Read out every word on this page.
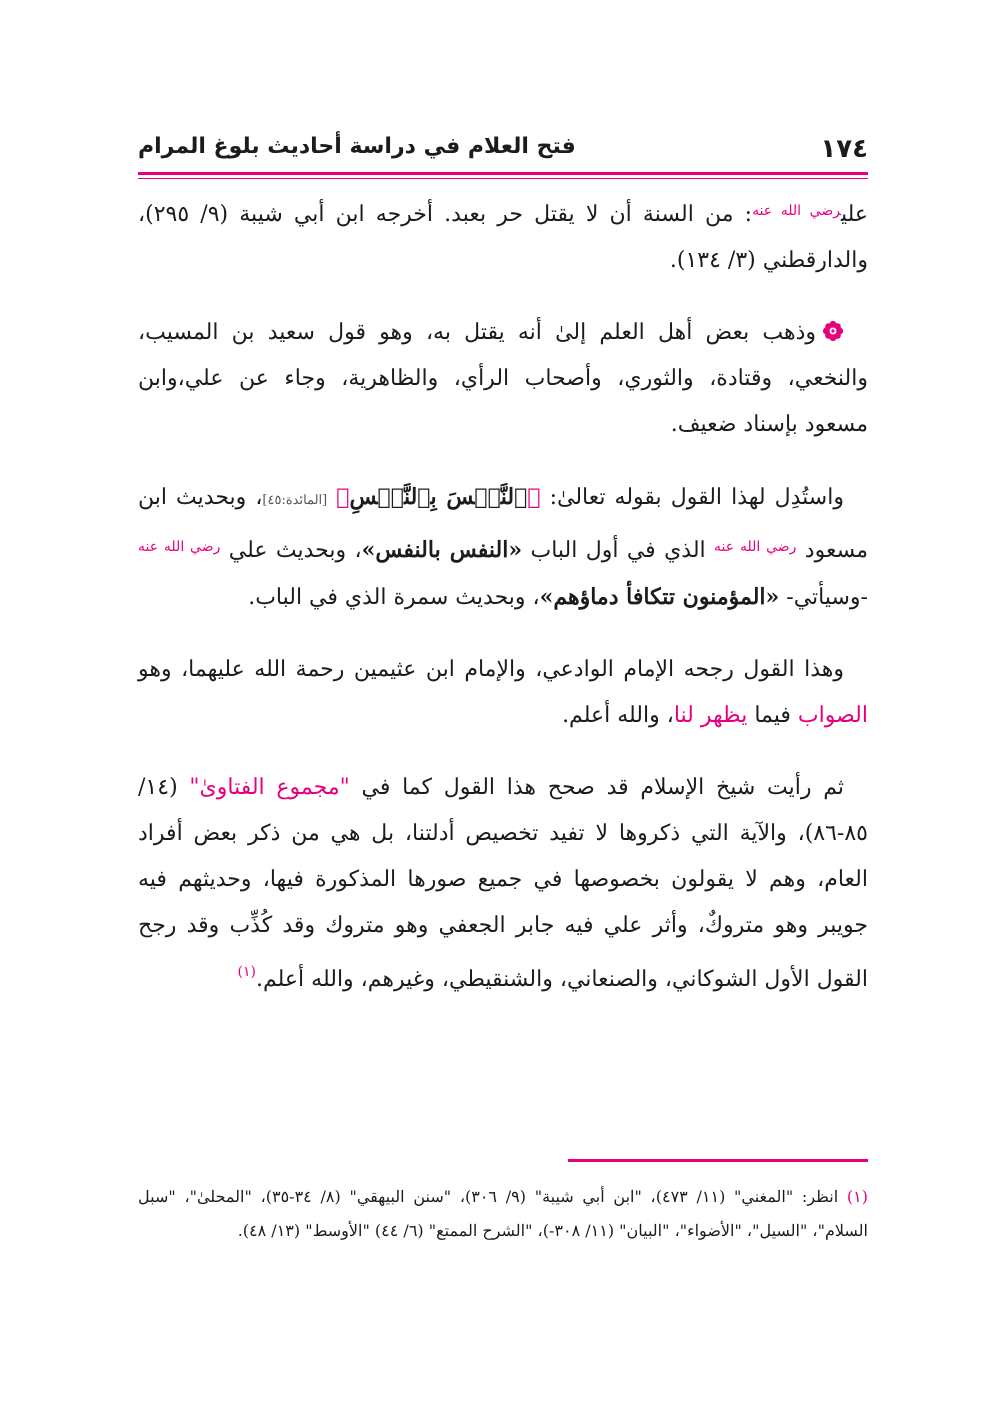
١٧٤
فتح العلام في دراسة أحاديث بلوغ المرام

علي$^{رضي الله عنه}$: من السنة أن لا يقتل حر بعبد. أخرجه ابن أبي شيبة (٩/ ٢٩٥)، والدارقطني (٣/ ١٣٤).

وذهب بعض أهل العلم إلىٰ أنه يقتل به، وهو قول سعيد بن المسيب، والنخعي، وقتادة، والثوري، وأصحاب الرأي، والظاهرية، وجاء عن علي،وابن مسعود بإسناد ضعيف.

واستُدِل لهذا القول بقوله تعالىٰ: ﴿ٱلنَّفۡسَ بِٱلنَّفۡسِ﴾ [المائدة:٤٥]، وبحديث ابن مسعود $^{رضي الله عنه}$ الذي في أول الباب «النفس بالنفس»، وبحديث علي $^{رضي الله عنه}$ -وسيأتي- «المؤمنون تتكافأ دماؤهم»، وبحديث سمرة الذي في الباب.

وهذا القول رجحه الإمام الوادعي، والإمام ابن عثيمين رحمة الله عليهما، وهو الصواب فيما يظهر لنا، والله أعلم.

ثم رأيت شيخ الإسلام قد صحح هذا القول كما في "مجموع الفتاوىٰ" (١٤/ ٨٥-٨٦)، والآية التي ذكروها لا تفيد تخصيص أدلتنا، بل هي من ذكر بعض أفراد العام، وهم لا يقولون بخصوصها في جميع صورها المذكورة فيها، وحديثهم فيه جويبر وهو متروكٌ، وأثر علي فيه جابر الجعفي وهو متروك وقد كُذِّب وقد رجح القول الأول الشوكاني، والصنعاني، والشنقيطي، وغيرهم، والله أعلم.$^{(١)}$

(١) انظر: "المغني" (١١/ ٤٧٣)، "ابن أبي شيبة" (٩/ ٣٠٦)، "سنن البيهقي" (٨/ ٣٤-٣٥)، "المحلىٰ"، "سبل السلام"، "السيل"، "الأضواء"، "البيان" (١١/ ٣٠٨-)، "الشرح الممتع" (٦/ ٤٤) "الأوسط" (١٣/ ٤٨).
